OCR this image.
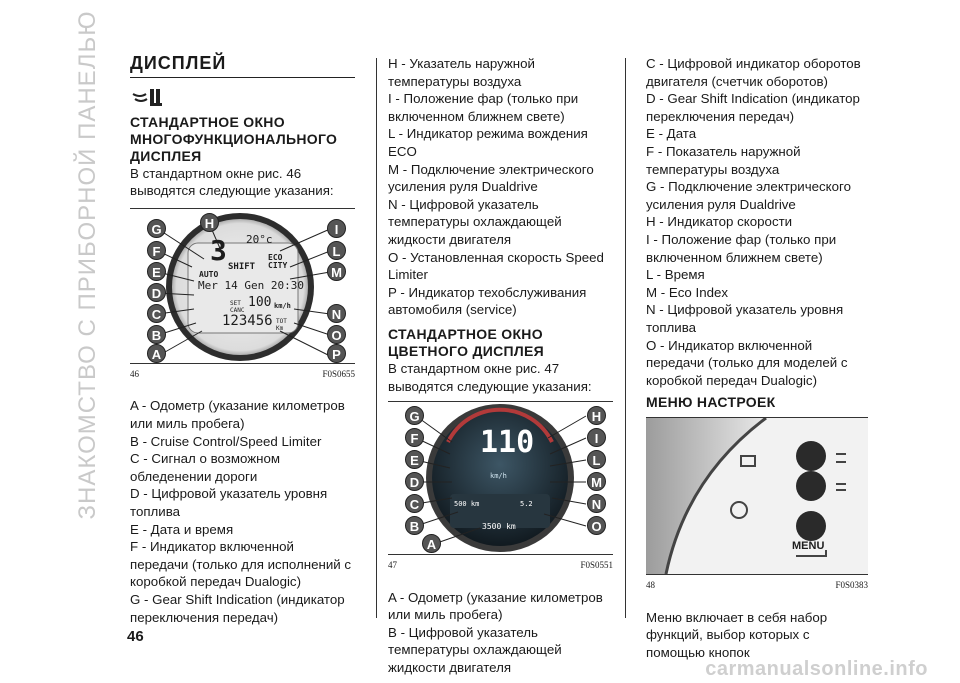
ЗНАКОМСТВО С ПРИБОРНОЙ ПАНЕЛЬЮ ДИСПЛЕЙ

СТАНДАРТНОЕ ОКНО МНОГОФУНКЦИОНАЛЬНОГО ДИСПЛЕЯ

В стандартном окне рис. 46 выводятся следующие указания:

20°c
3 SHIFT
AUTO
ECO
CITY
Mer 14 Gen 20:30
SET
CANC
100 km/h
123456 TOT
Km
G	H	I
F	L
E	M
D
C	N
B	O
A	P
46	F0S0655

A - Одометр (указание километров или миль пробега)

B - Cruise Control/Speed Limiter

C - Сигнал о возможном обледенении дороги

D - Цифровой указатель уровня топлива

E - Дата и время

F - Индикатор включенной передачи (только для исполнений с коробкой передач Dualogic)

G - Gear Shift Indication (индикатор переключения передач)

H - Указатель наружной температуры воздуха

I - Положение фар (только при включенном ближнем свете)

L - Индикатор режима вождения ECO

M - Подключение электрического усиления руля Dualdrive

N - Цифровой указатель температуры охлаждающей жидкости двигателя

O - Установленная скорость Speed Limiter

P - Индикатор техобслуживания автомобиля (service)

СТАНДАРТНОЕ ОКНО ЦВЕТНОГО ДИСПЛЕЯ

В стандартном окне рис. 47 выводятся следующие указания:

110
km/h
500 km	5.2
3500 km
G	H
F	I
E	L
D	M
C	N
B	O
A
47	F0S0551

A - Одометр (указание километров или миль пробега)

B - Цифровой указатель температуры охлаждающей жидкости двигателя

C - Цифровой индикатор оборотов двигателя (счетчик оборотов)

D - Gear Shift Indication (индикатор переключения передач)

E - Дата

F - Показатель наружной температуры воздуха

G - Подключение электрического усиления руля Dualdrive

H - Индикатор скорости

I - Положение фар (только при включенном ближнем свете)

L - Время

M - Eco Index

N - Цифровой указатель уровня топлива

O - Индикатор включенной передачи (только для моделей с коробкой передач Dualogic)

МЕНЮ НАСТРОЕК

MENU
48	F0S0383

Меню включает в себя набор функций, выбор которых с помощью кнопок

46
carmanualsonline.info
